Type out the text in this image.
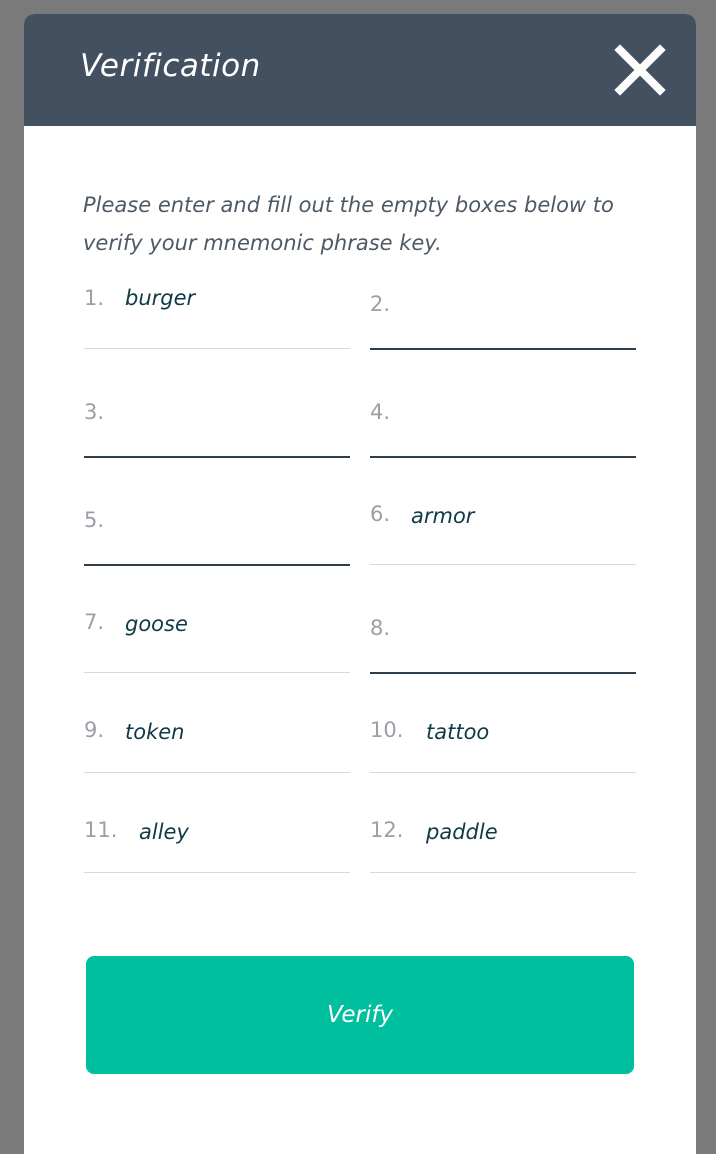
Verification
Please enter and fill out the empty boxes below to verify your mnemonic phrase key.
1. burger	2.
3.	4.
5.	6. armor
7. goose	8.
9. token	10. tattoo
11. alley	12. paddle
Verify
